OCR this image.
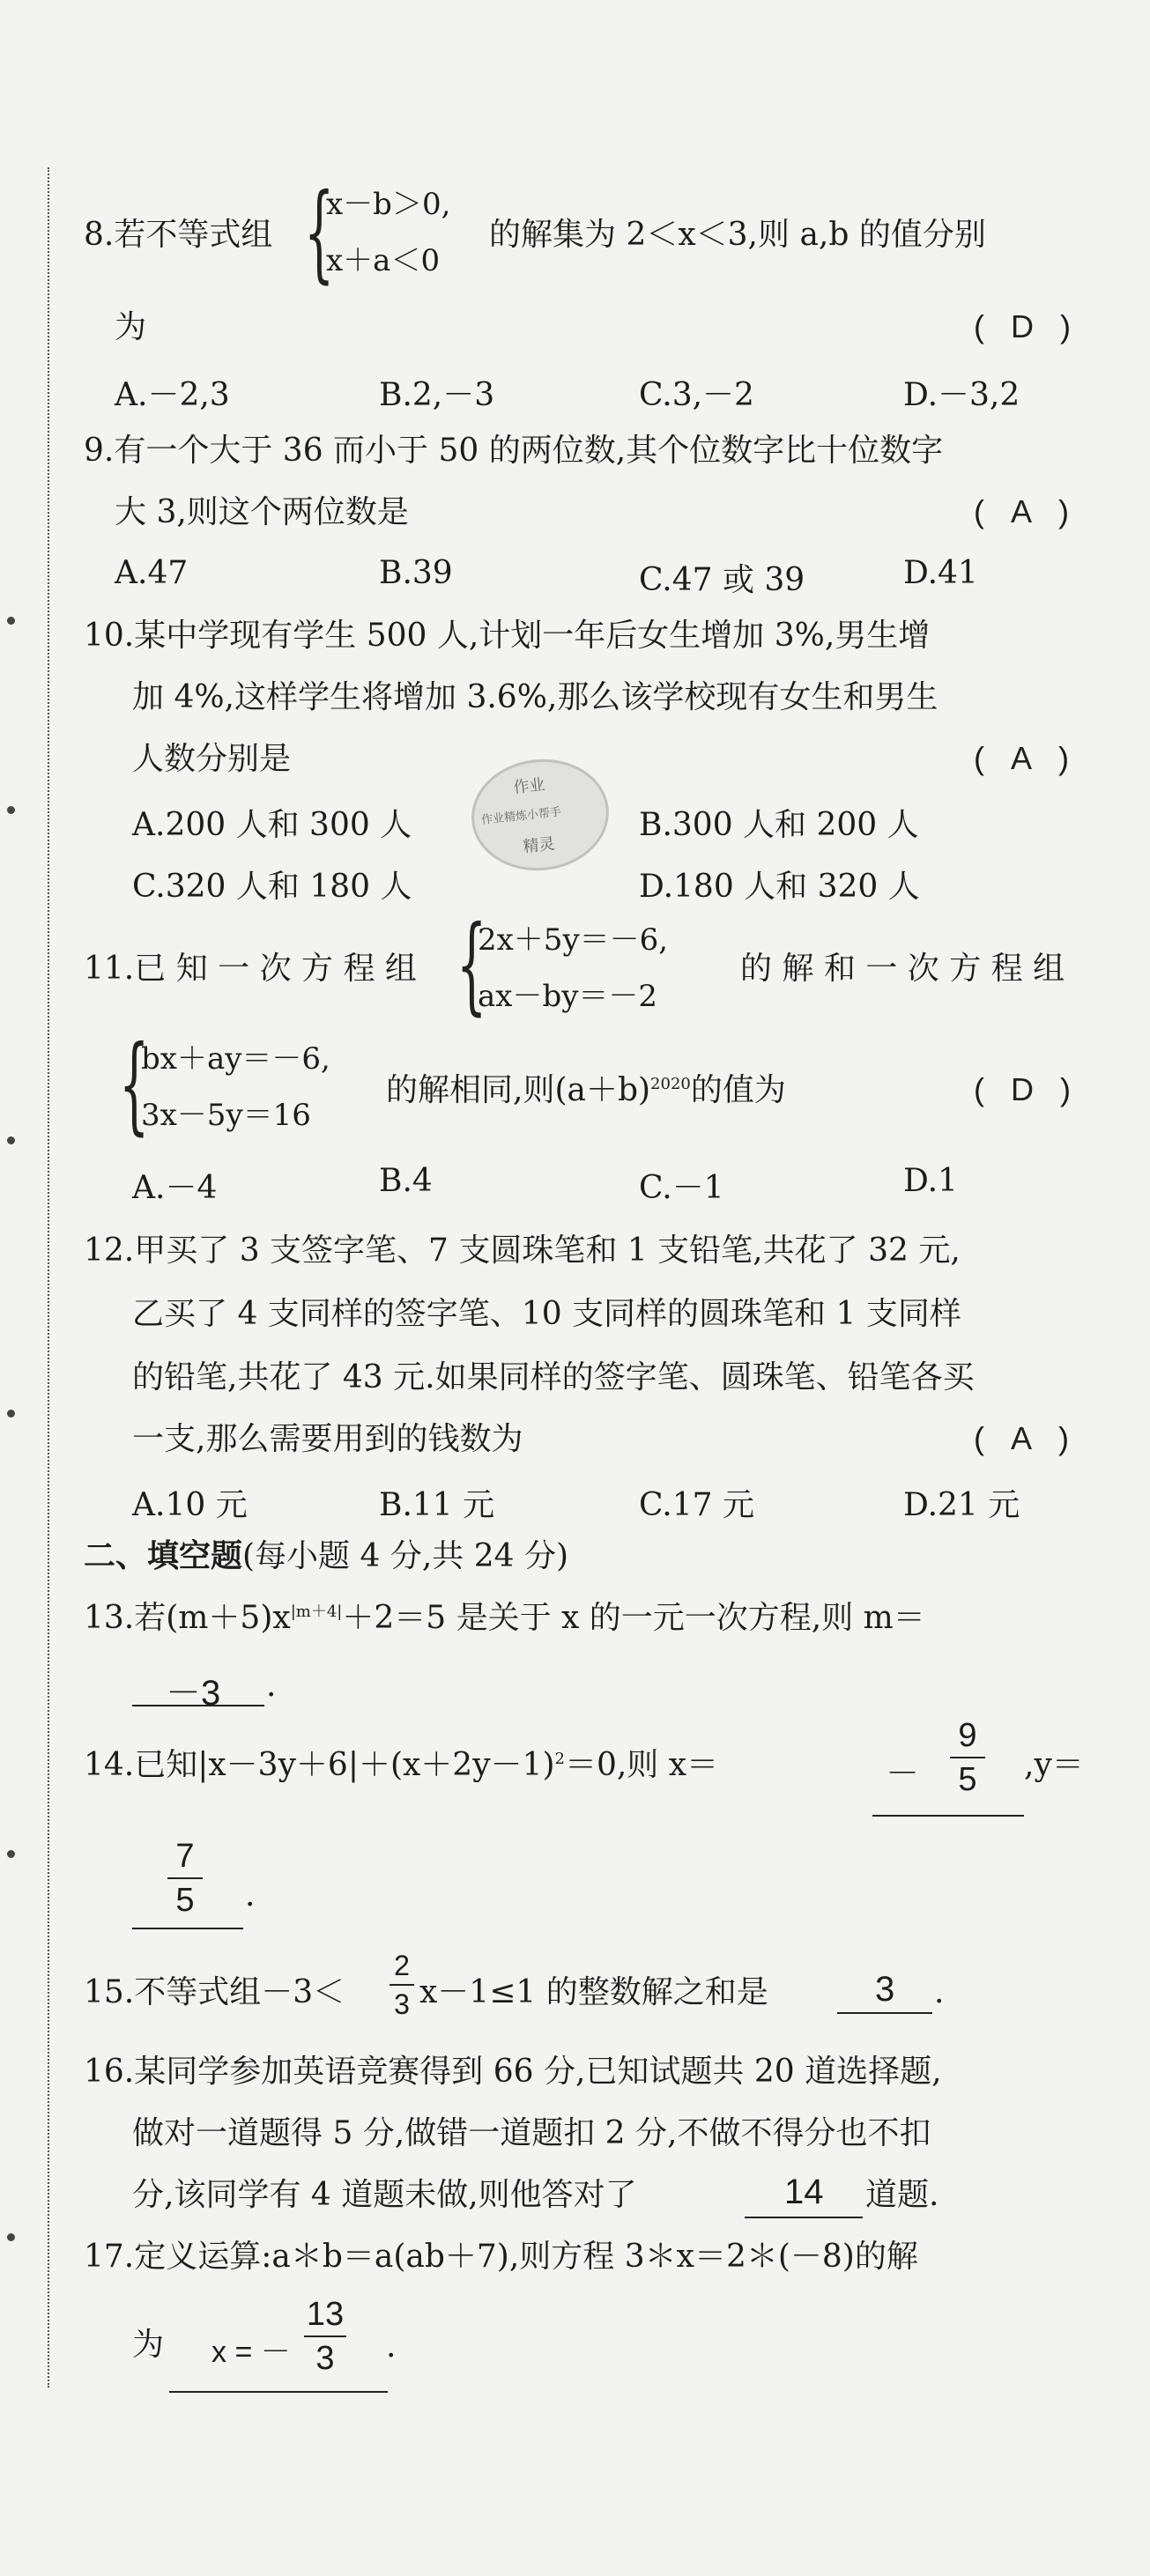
8.若不等式组 {
x－b＞0,
x＋a＜0
的解集为 2＜x＜3,则 a,b 的值分别
为	( D )
A.－2,3	B.2,－3	C.3,－2	D.－3,2
9.有一个大于 36 而小于 50 的两位数,其个位数字比十位数字
大 3,则这个两位数是	(   A   )
A.47	B.39	C.47 或 39	D.41
10.某中学现有学生 500 人,计划一年后女生增加 3%,男生增
加 4%,这样学生将增加 3.6%,那么该学校现有女生和男生
人数分别是	(   A   )
作业
作业精炼小帮手
精灵
A.200 人和 300 人	B.300 人和 200 人
C.320 人和 180 人	D.180 人和 320 人
11.已 知 一 次 方 程 组 {
2x＋5y＝－6,
ax－by＝－2
的 解 和 一 次 方 程 组
{
bx＋ay＝－6,
3x－5y＝16
的解相同,则$(a+b)^{2020}$的值为	(   D   )
A.－4	B.4	C.－1	D.1
12.甲买了 3 支签字笔、7 支圆珠笔和 1 支铅笔,共花了 32 元,
乙买了 4 支同样的签字笔、10 支同样的圆珠笔和 1 支同样
的铅笔,共花了 43 元.如果同样的签字笔、圆珠笔、铅笔各买
一支,那么需要用到的钱数为	(   A   )
A.10 元	B.11 元	C.17 元	D.21 元
二、填空题(每小题 4 分,共 24 分)
13.若$(m+5)x^{|m+4|}+2=5$ 是关于 x 的一元一次方程,则 m＝
－3 .
14.已知$|x-3y+6|+(x+2y-1)^2=0$,则 x＝	－
9
5 ,y＝
7
5 .
15.不等式组－3＜
2
3 x－1≤1 的整数解之和是	3 .
16.某同学参加英语竞赛得到 66 分,已知试题共 20 道选择题,
做对一道题得 5 分,做错一道题扣 2 分,不做不得分也不扣
分,该同学有 4 道题未做,则他答对了	14 道题.
17.定义运算:a＊b＝a(ab＋7),则方程 3＊x＝2＊(－8)的解
为 x = －
13
3	.
